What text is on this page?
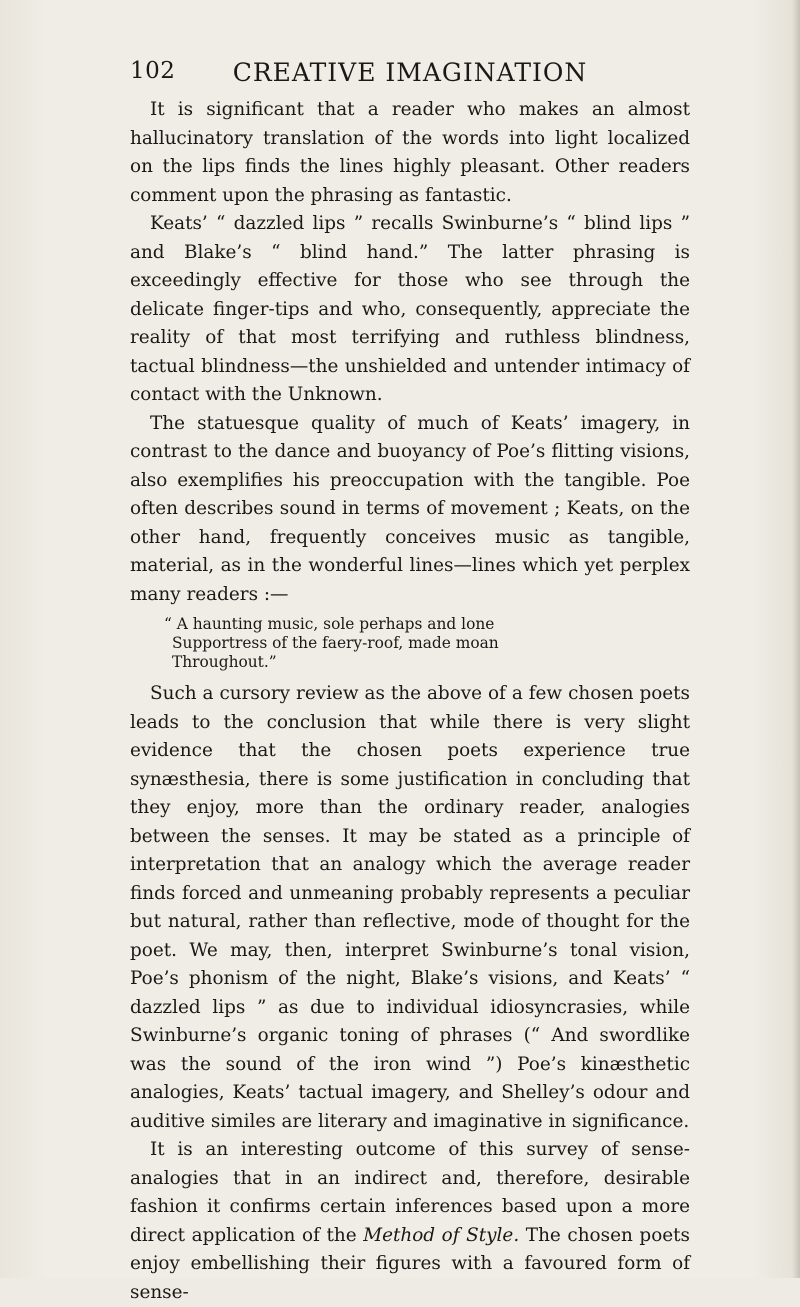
102	CREATIVE IMAGINATION

It is significant that a reader who makes an almost hallucinatory translation of the words into light localized on the lips finds the lines highly pleasant. Other readers comment upon the phrasing as fantastic.

Keats’ “ dazzled lips ” recalls Swinburne’s “ blind lips ” and Blake’s “ blind hand.” The latter phrasing is exceedingly effective for those who see through the delicate finger-tips and who, consequently, appreciate the reality of that most terrifying and ruthless blindness, tactual blindness—the unshielded and untender intimacy of contact with the Unknown.

The statuesque quality of much of Keats’ imagery, in contrast to the dance and buoyancy of Poe’s flitting visions, also exemplifies his preoccupation with the tangible. Poe often describes sound in terms of movement ; Keats, on the other hand, frequently conceives music as tangible, material, as in the wonderful lines—lines which yet perplex many readers :—

“ A haunting music, sole perhaps and lone
Supportress of the faery-roof, made moan
Throughout.”

Such a cursory review as the above of a few chosen poets leads to the conclusion that while there is very slight evidence that the chosen poets experience true synæsthesia, there is some justification in concluding that they enjoy, more than the ordinary reader, analogies between the senses. It may be stated as a principle of interpretation that an analogy which the average reader finds forced and unmeaning probably represents a peculiar but natural, rather than reflective, mode of thought for the poet. We may, then, interpret Swinburne’s tonal vision, Poe’s phonism of the night, Blake’s visions, and Keats’ “ dazzled lips ” as due to individual idiosyncrasies, while Swinburne’s organic toning of phrases (“ And swordlike was the sound of the iron wind ”) Poe’s kinæsthetic analogies, Keats’ tactual imagery, and Shelley’s odour and auditive similes are literary and imaginative in significance.

It is an interesting outcome of this survey of sense-analogies that in an indirect and, therefore, desirable fashion it confirms certain inferences based upon a more direct application of the Method of Style. The chosen poets enjoy embellishing their figures with a favoured form of sense-
